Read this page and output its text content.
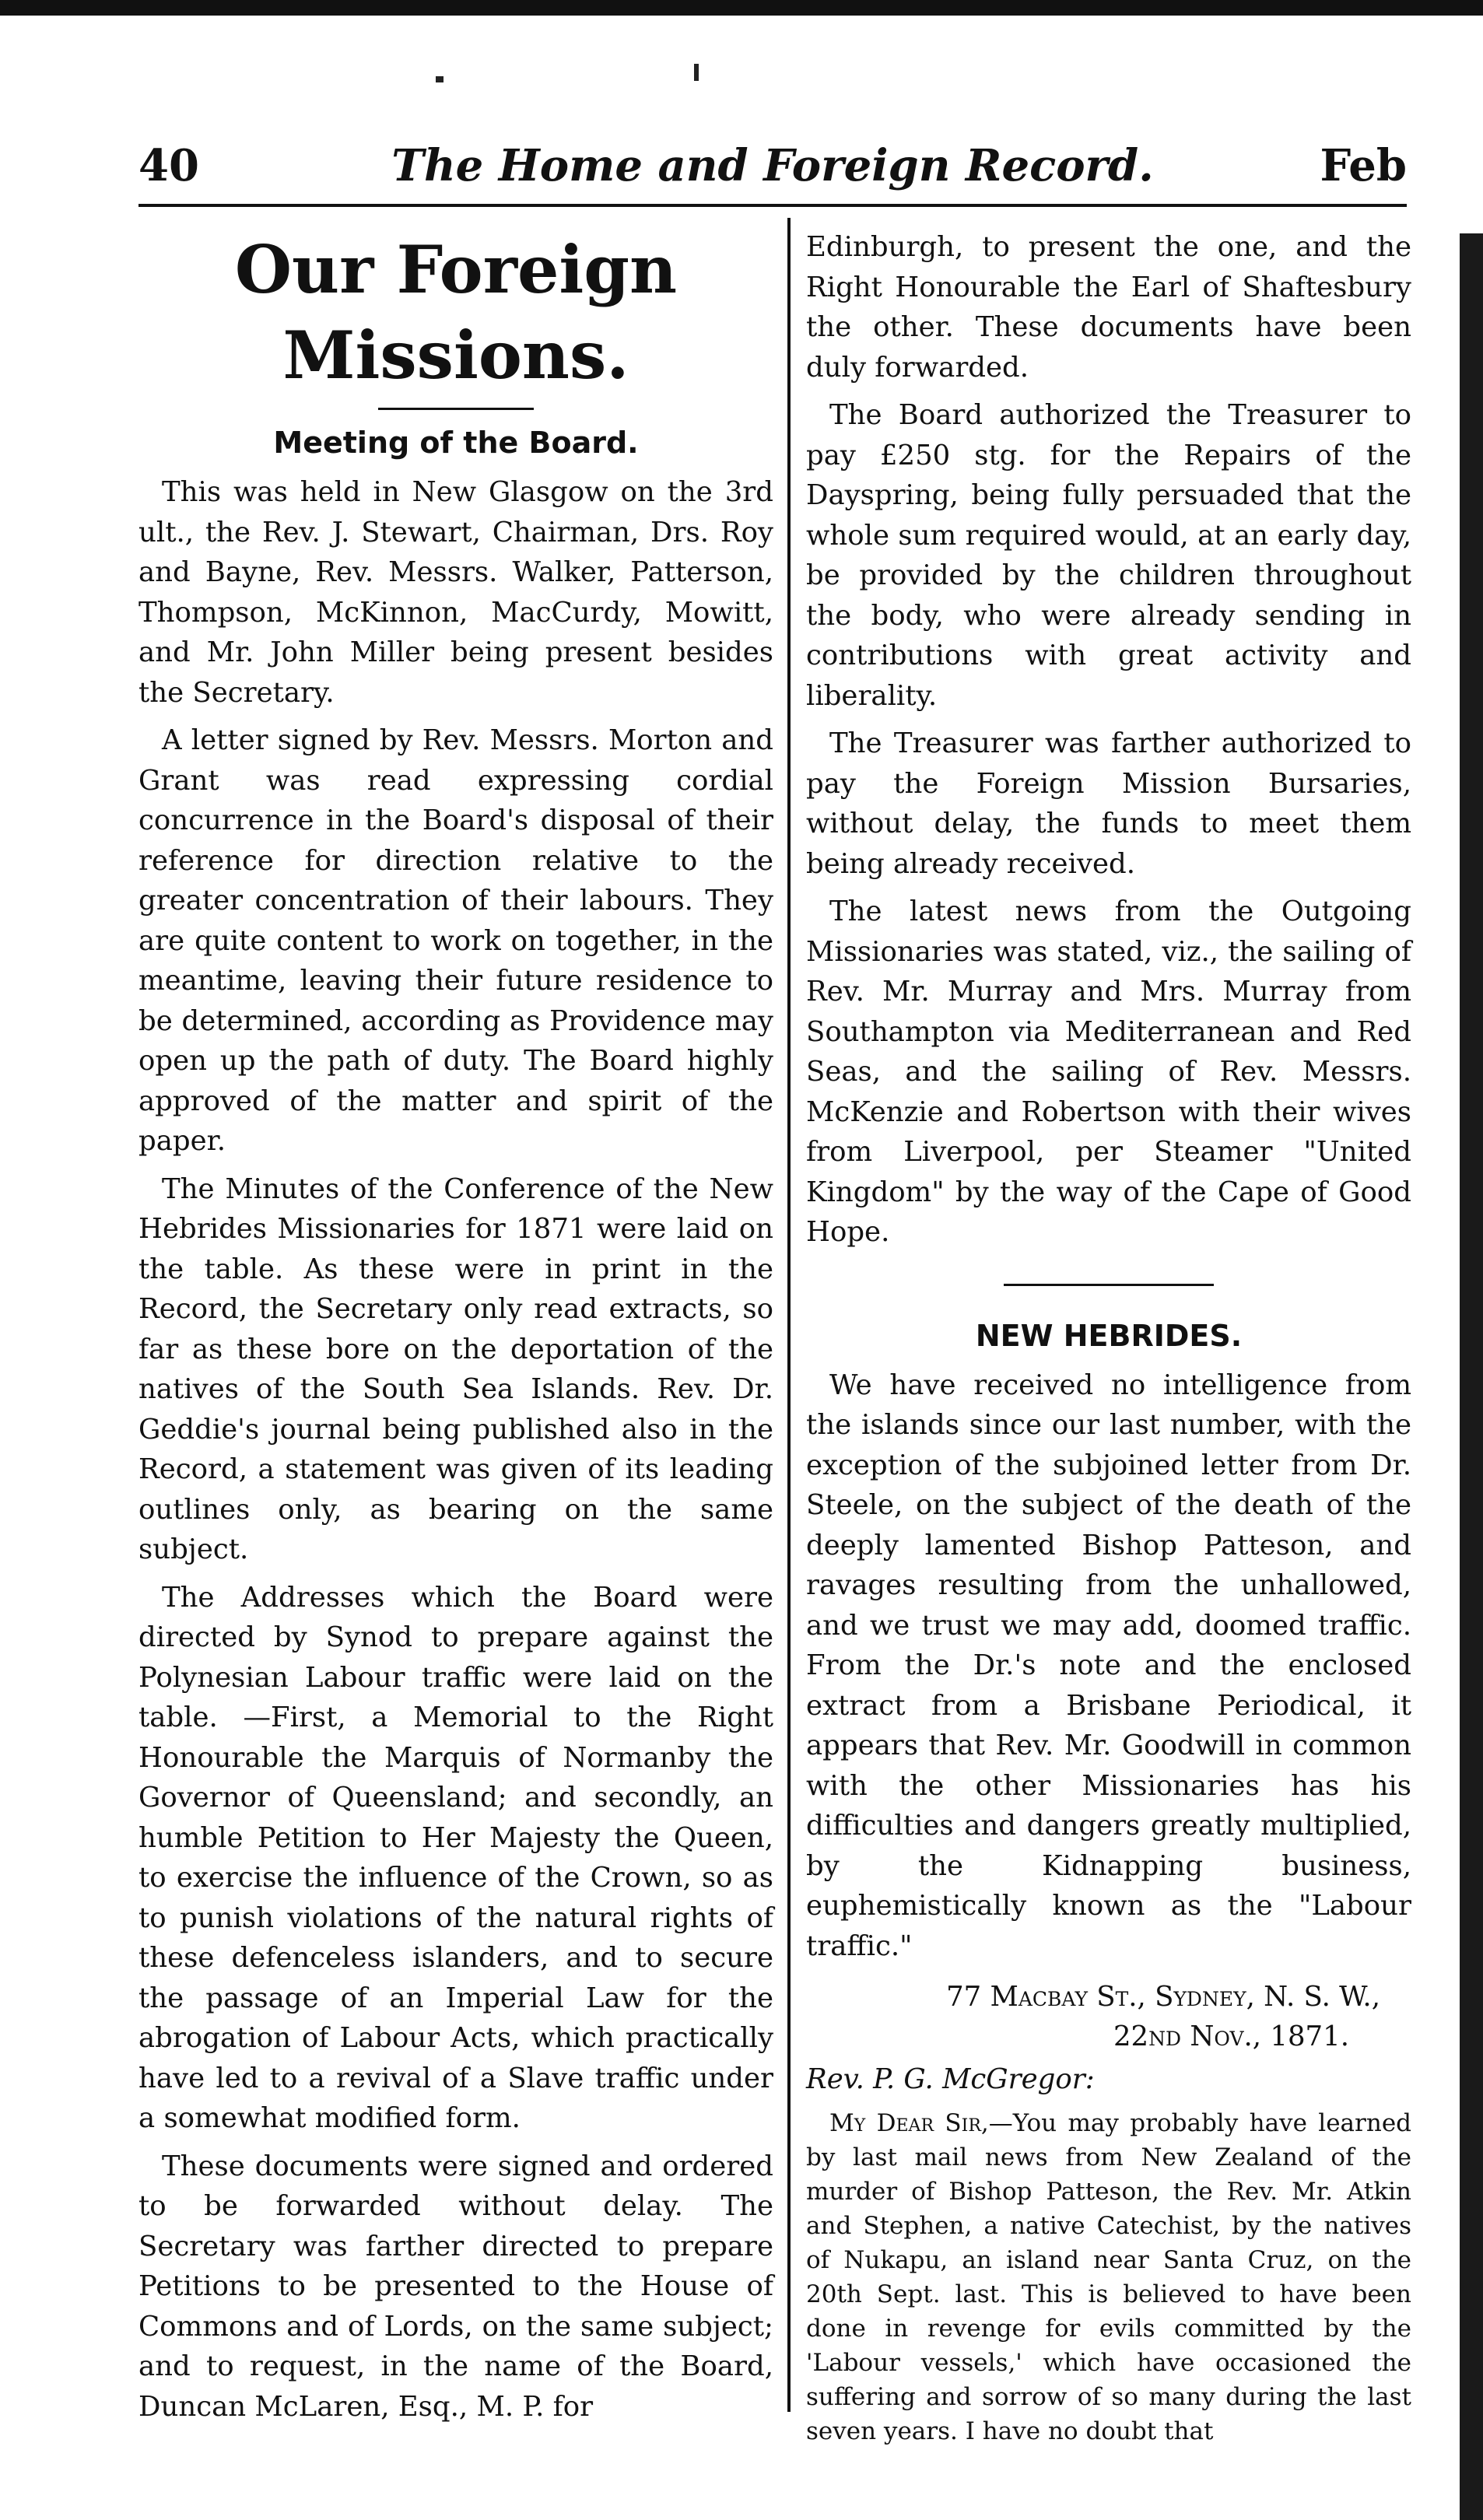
40	The Home and Foreign Record.	Feb
Our Foreign Missions.
Meeting of the Board.

This was held in New Glasgow on the 3rd ult., the Rev. J. Stewart, Chairman, Drs. Roy and Bayne, Rev. Messrs. Walker, Patterson, Thompson, McKinnon, MacCurdy, Mowitt, and Mr. John Miller being present besides the Secretary.

A letter signed by Rev. Messrs. Morton and Grant was read expressing cordial concurrence in the Board's disposal of their reference for direction relative to the greater concentration of their labours. They are quite content to work on together, in the meantime, leaving their future residence to be determined, according as Providence may open up the path of duty. The Board highly approved of the matter and spirit of the paper.

The Minutes of the Conference of the New Hebrides Missionaries for 1871 were laid on the table. As these were in print in the Record, the Secretary only read extracts, so far as these bore on the deportation of the natives of the South Sea Islands. Rev. Dr. Geddie's journal being published also in the Record, a statement was given of its leading outlines only, as bearing on the same subject.

The Addresses which the Board were directed by Synod to prepare against the Polynesian Labour traffic were laid on the table. —First, a Memorial to the Right Honourable the Marquis of Normanby the Governor of Queensland; and secondly, an humble Petition to Her Majesty the Queen, to exercise the influence of the Crown, so as to punish violations of the natural rights of these defenceless islanders, and to secure the passage of an Imperial Law for the abrogation of Labour Acts, which practically have led to a revival of a Slave traffic under a somewhat modified form.

These documents were signed and ordered to be forwarded without delay. The Secretary was farther directed to prepare Petitions to be presented to the House of Commons and of Lords, on the same subject; and to request, in the name of the Board, Duncan McLaren, Esq., M. P. for

Edinburgh, to present the one, and the Right Honourable the Earl of Shaftesbury the other. These documents have been duly forwarded.

The Board authorized the Treasurer to pay £250 stg. for the Repairs of the Dayspring, being fully persuaded that the whole sum required would, at an early day, be provided by the children throughout the body, who were already sending in contributions with great activity and liberality.

The Treasurer was farther authorized to pay the Foreign Mission Bursaries, without delay, the funds to meet them being already received.

The latest news from the Outgoing Missionaries was stated, viz., the sailing of Rev. Mr. Murray and Mrs. Murray from Southampton via Mediterranean and Red Seas, and the sailing of Rev. Messrs. McKenzie and Robertson with their wives from Liverpool, per Steamer "United Kingdom" by the way of the Cape of Good Hope.

NEW HEBRIDES.

We have received no intelligence from the islands since our last number, with the exception of the subjoined letter from Dr. Steele, on the subject of the death of the deeply lamented Bishop Patteson, and ravages resulting from the unhallowed, and we trust we may add, doomed traffic. From the Dr.'s note and the enclosed extract from a Brisbane Periodical, it appears that Rev. Mr. Goodwill in common with the other Missionaries has his difficulties and dangers greatly multiplied, by the Kidnapping business, euphemistically known as the "Labour traffic."

77 Macbay St., Sydney, N. S. W.,
22nd Nov., 1871.
Rev. P. G. McGregor:

My Dear Sir,—You may probably have learned by last mail news from New Zealand of the murder of Bishop Patteson, the Rev. Mr. Atkin and Stephen, a native Catechist, by the natives of Nukapu, an island near Santa Cruz, on the 20th Sept. last. This is believed to have been done in revenge for evils committed by the 'Labour vessels,' which have occasioned the suffering and sorrow of so many during the last seven years. I have no doubt that
